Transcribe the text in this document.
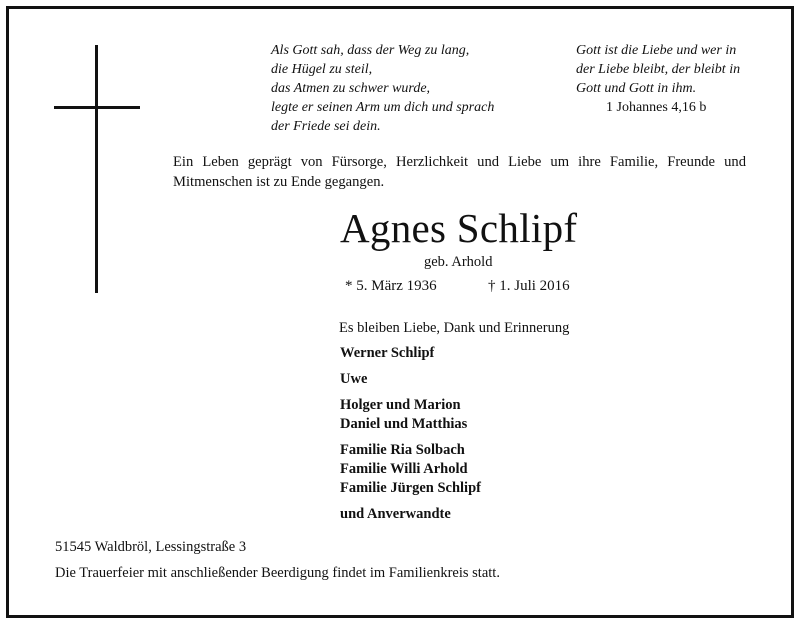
Als Gott sah, dass der Weg zu lang,
die Hügel zu steil,
das Atmen zu schwer wurde,
legte er seinen Arm um dich und sprach
der Friede sei dein.
Gott ist die Liebe und wer in
der Liebe bleibt, der bleibt in
Gott und Gott in ihm.
1 Johannes 4,16 b
Ein Leben geprägt von Fürsorge, Herzlichkeit und Liebe um ihre Familie, Freunde und Mitmenschen ist zu Ende gegangen.
Agnes Schlipf
geb. Arhold
* 5. März 1936	† 1. Juli 2016
Es bleiben Liebe, Dank und Erinnerung
Werner Schlipf
Uwe
Holger und Marion
Daniel und Matthias
Familie Ria Solbach
Familie Willi Arhold
Familie Jürgen Schlipf
und Anverwandte
51545 Waldbröl, Lessingstraße 3
Die Trauerfeier mit anschließender Beerdigung findet im Familienkreis statt.
